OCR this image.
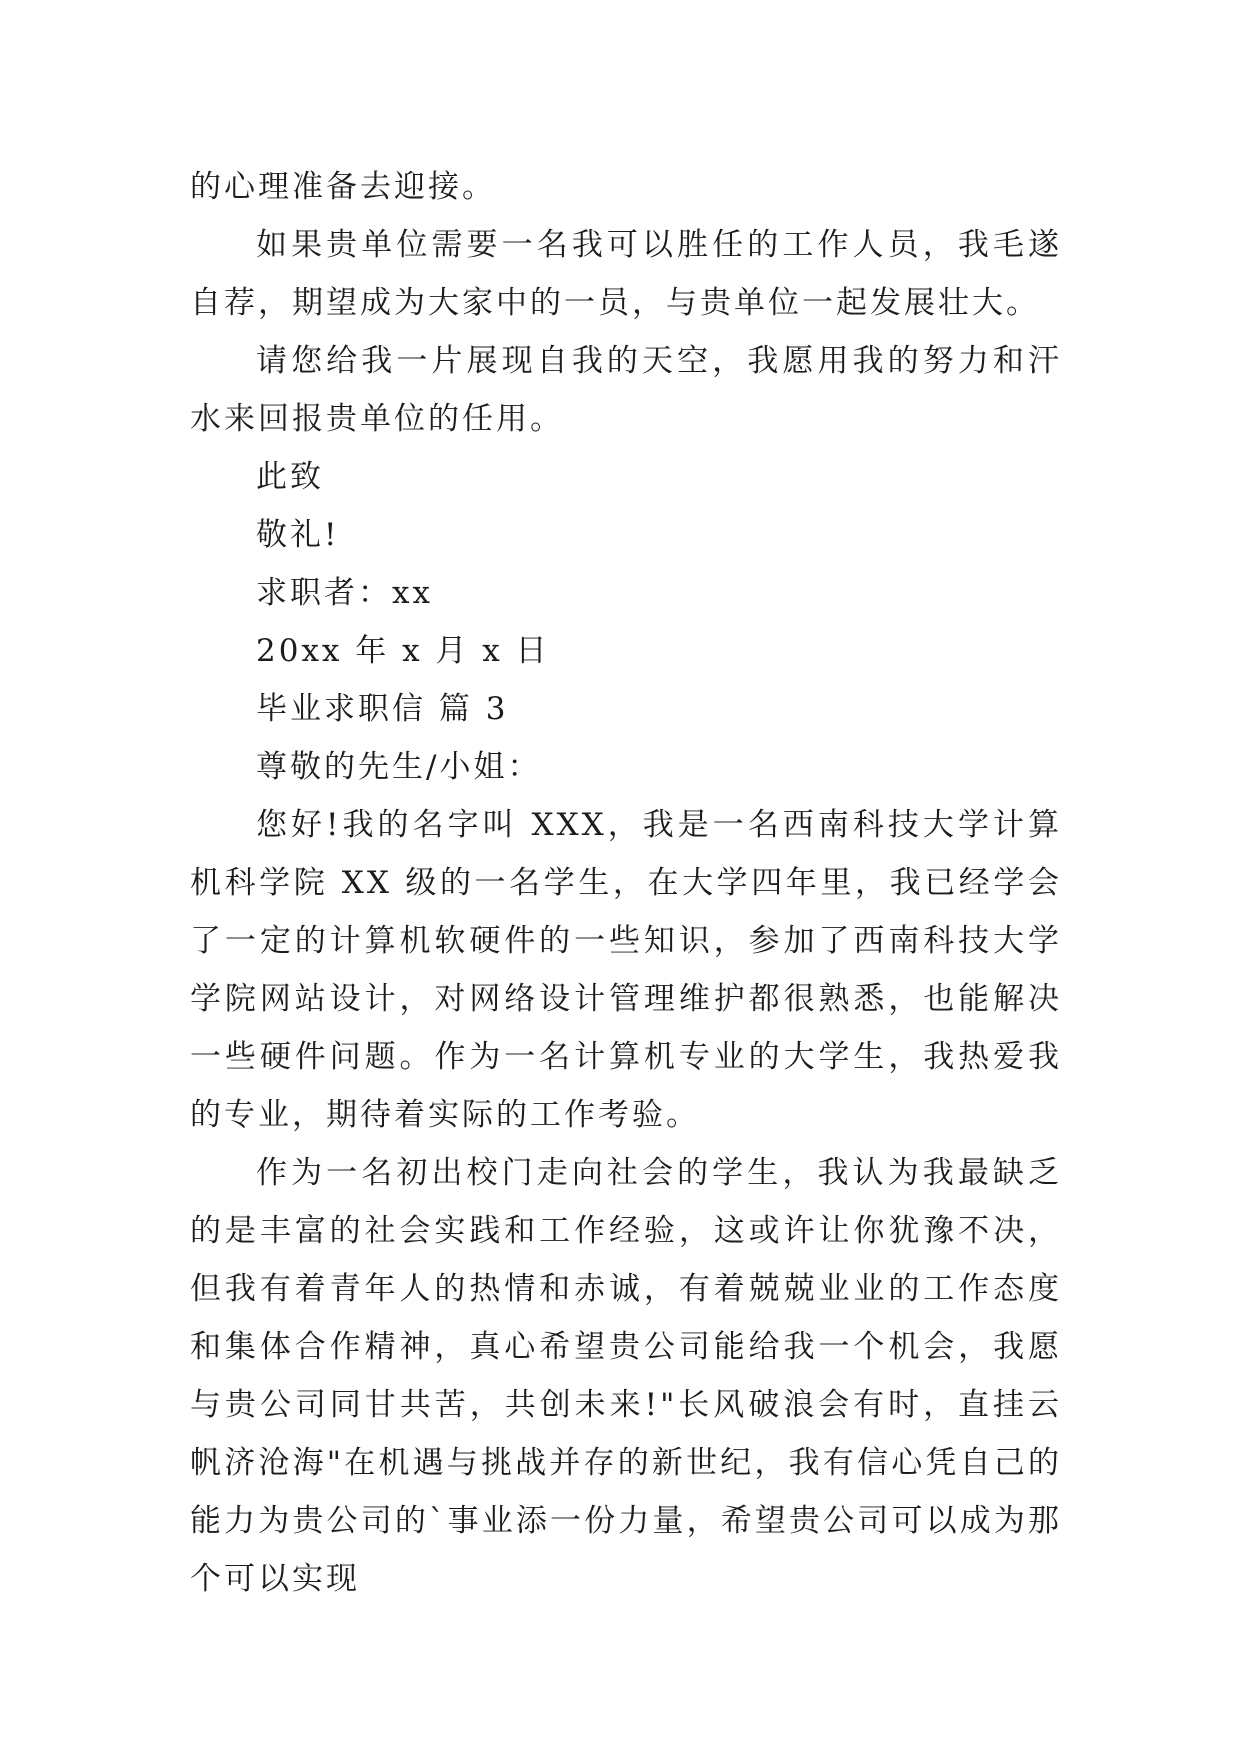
的心理准备去迎接。

如果贵单位需要一名我可以胜任的工作人员，我毛遂自荐，期望成为大家中的一员，与贵单位一起发展壮大。

请您给我一片展现自我的天空，我愿用我的努力和汗水来回报贵单位的任用。

此致

敬礼!

求职者：xx

20xx 年 x 月 x 日

毕业求职信 篇 3

尊敬的先生/小姐：

您好!我的名字叫 XXX，我是一名西南科技大学计算机科学院 XX 级的一名学生，在大学四年里，我已经学会了一定的计算机软硬件的一些知识，参加了西南科技大学学院网站设计，对网络设计管理维护都很熟悉，也能解决一些硬件问题。作为一名计算机专业的大学生，我热爱我的专业，期待着实际的工作考验。

作为一名初出校门走向社会的学生，我认为我最缺乏的是丰富的社会实践和工作经验，这或许让你犹豫不决，但我有着青年人的热情和赤诚，有着兢兢业业的工作态度和集体合作精神，真心希望贵公司能给我一个机会，我愿与贵公司同甘共苦，共创未来!"长风破浪会有时，直挂云帆济沧海"在机遇与挑战并存的新世纪，我有信心凭自己的能力为贵公司的`事业添一份力量，希望贵公司可以成为那个可以实现
